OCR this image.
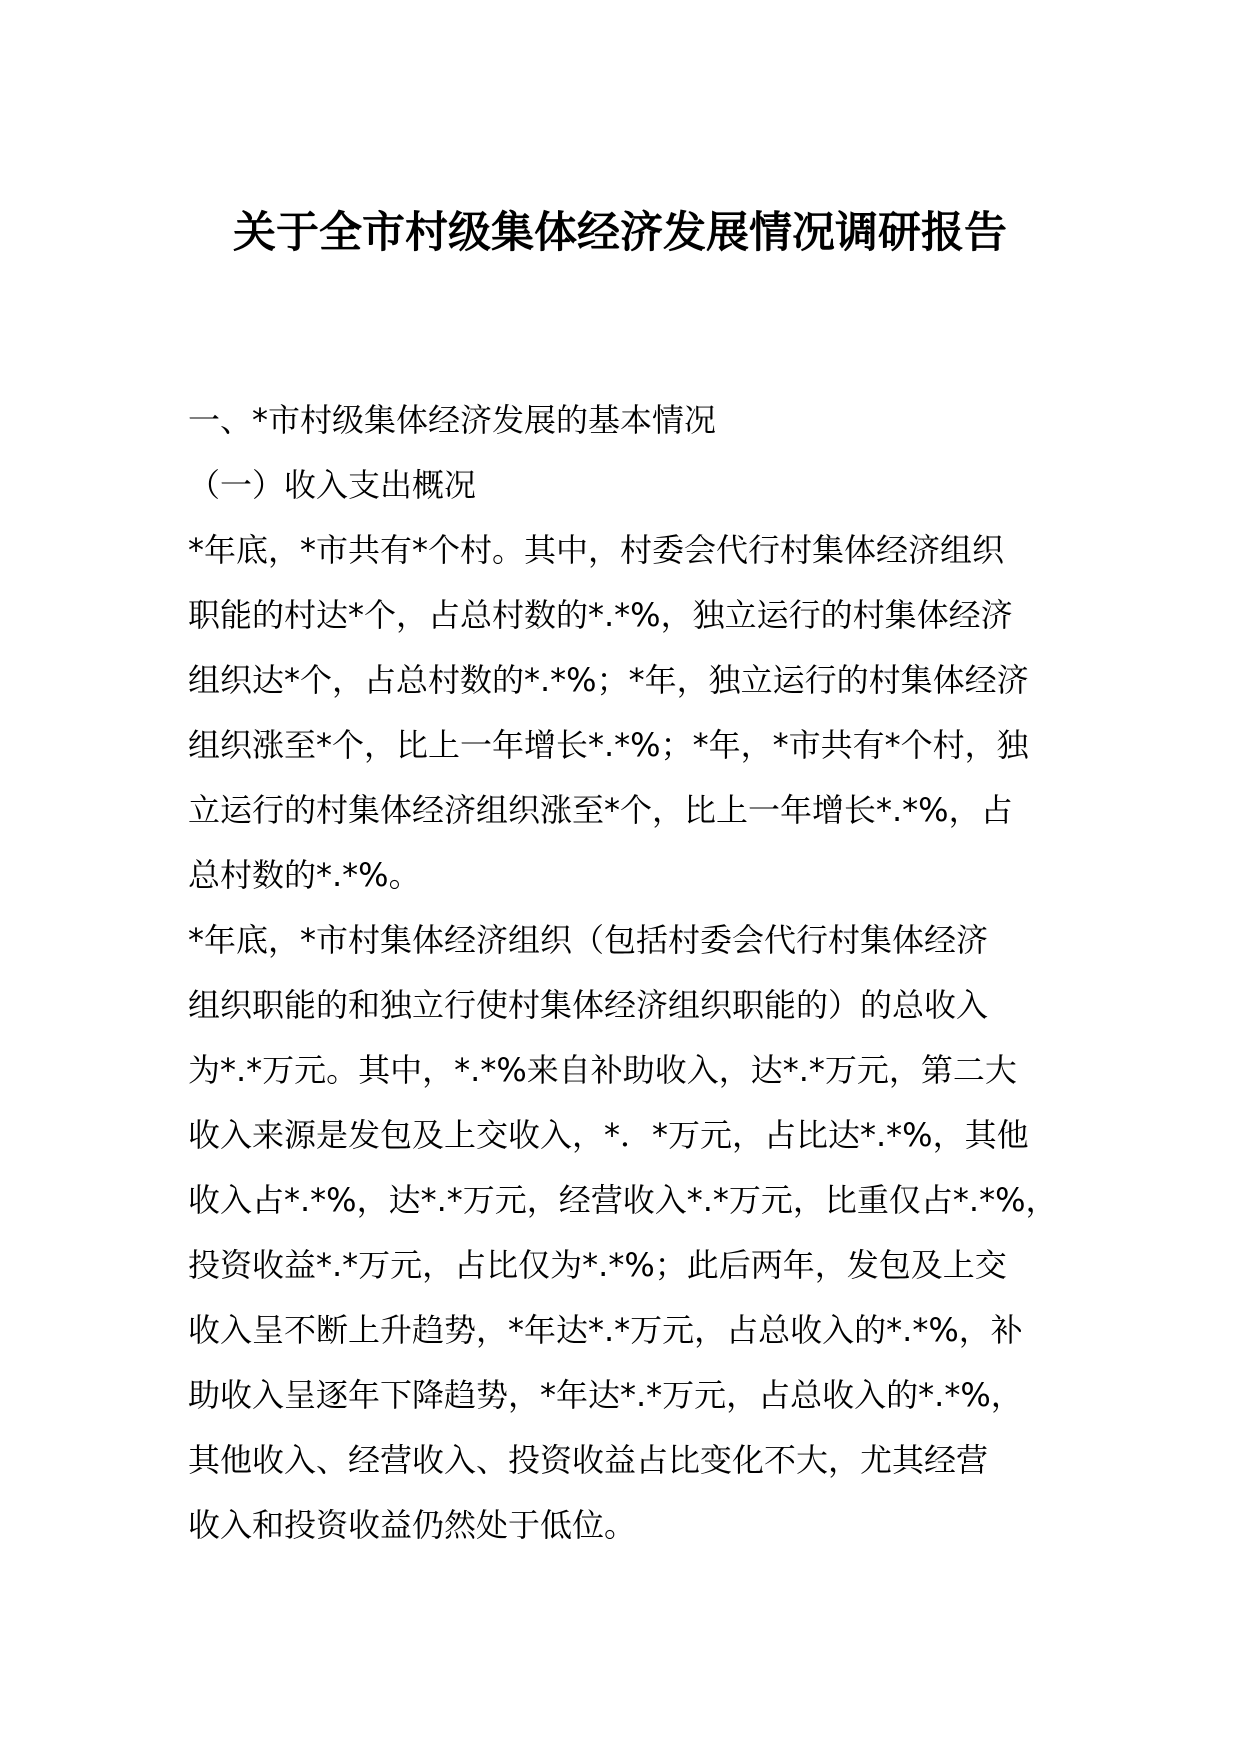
关于全市村级集体经济发展情况调研报告
一、*市村级集体经济发展的基本情况
（一）收入支出概况
*年底，*市共有*个村。其中，村委会代行村集体经济组织
职能的村达*个，占总村数的*.*%，独立运行的村集体经济
组织达*个，占总村数的*.*%；*年，独立运行的村集体经济
组织涨至*个，比上一年增长*.*%；*年，*市共有*个村，独
立运行的村集体经济组织涨至*个，比上一年增长*.*%，占
总村数的*.*%。
*年底，*市村集体经济组织（包括村委会代行村集体经济
组织职能的和独立行使村集体经济组织职能的）的总收入
为*.*万元。其中，*.*%来自补助收入，达*.*万元，第二大
收入来源是发包及上交收入，*．*万元，占比达*.*%，其他
收入占*.*%，达*.*万元，经营收入*.*万元，比重仅占*.*%，
投资收益*.*万元，占比仅为*.*%；此后两年，发包及上交
收入呈不断上升趋势，*年达*.*万元，占总收入的*.*%，补
助收入呈逐年下降趋势，*年达*.*万元，占总收入的*.*%，
其他收入、经营收入、投资收益占比变化不大，尤其经营
收入和投资收益仍然处于低位。
